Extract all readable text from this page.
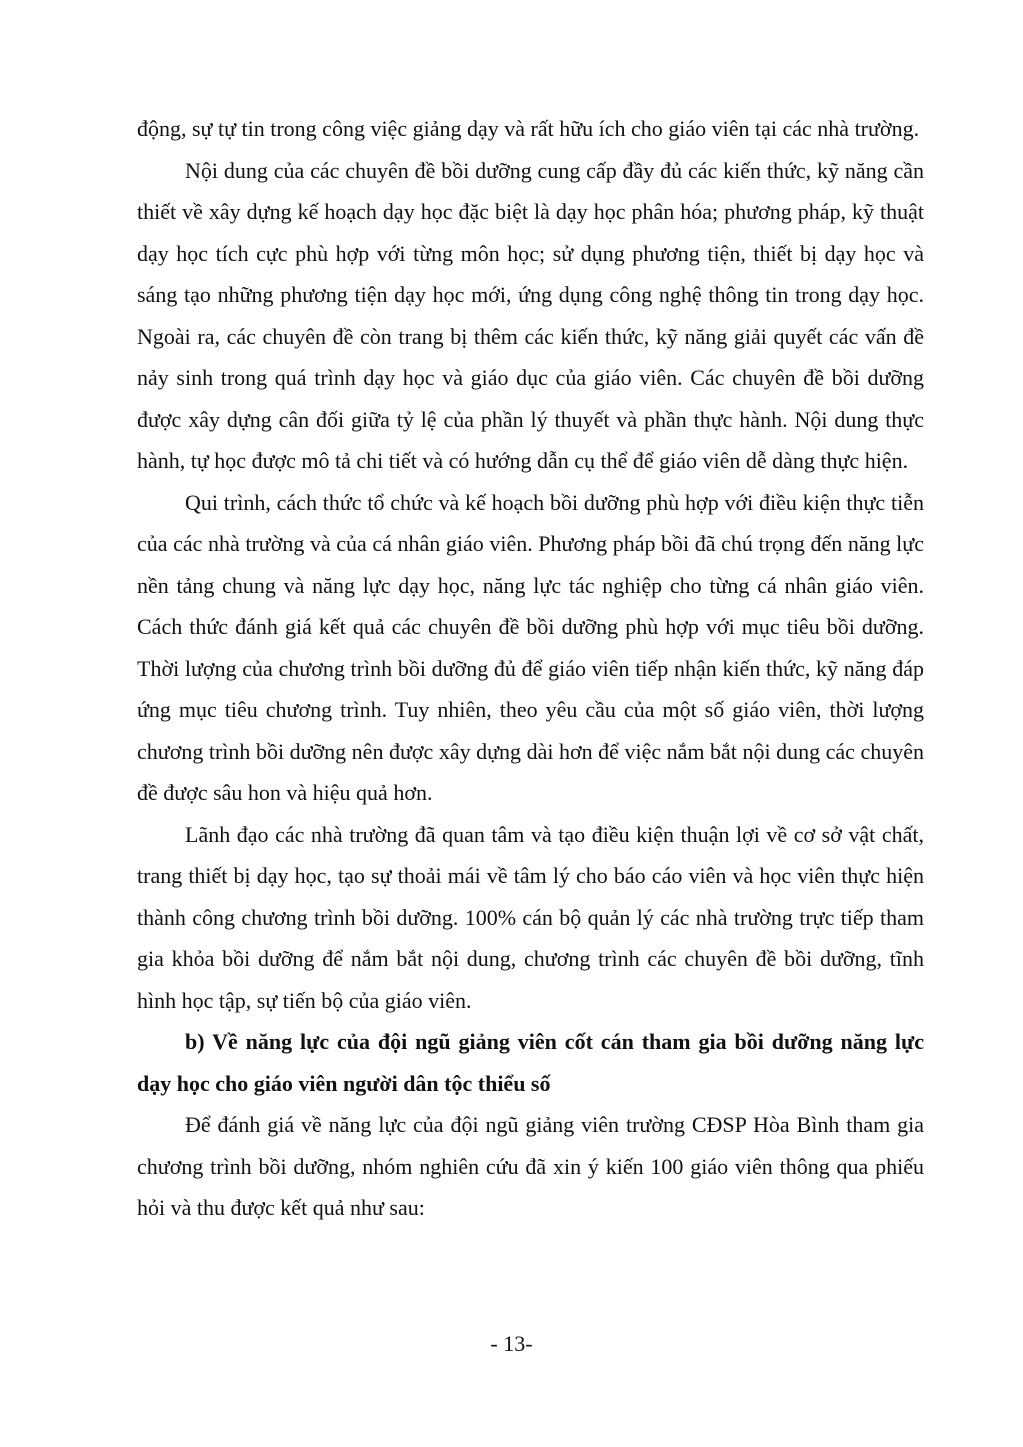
động, sự tự tin trong công việc giảng dạy và rất hữu ích cho giáo viên tại các nhà trường.

Nội dung của các chuyên đề bồi dưỡng cung cấp đầy đủ các kiến thức, kỹ năng cần thiết về xây dựng kế hoạch dạy học đặc biệt là dạy học phân hóa; phương pháp, kỹ thuật dạy học tích cực phù hợp với từng môn học; sử dụng phương tiện, thiết bị dạy học và sáng tạo những phương tiện dạy học mới, ứng dụng công nghệ thông tin trong dạy học. Ngoài ra, các chuyên đề còn trang bị thêm các kiến thức, kỹ năng giải quyết các vấn đề nảy sinh trong quá trình dạy học và giáo dục của giáo viên. Các chuyên đề bồi dưỡng được xây dựng cân đối giữa tỷ lệ của phần lý thuyết và phần thực hành. Nội dung thực hành, tự học được mô tả chi tiết và có hướng dẫn cụ thể để giáo viên dễ dàng thực hiện.

Qui trình, cách thức tổ chức và kế hoạch bồi dưỡng phù hợp với điều kiện thực tiễn của các nhà trường và của cá nhân giáo viên. Phương pháp bồi đã chú trọng đến năng lực nền tảng chung và năng lực dạy học, năng lực tác nghiệp cho từng cá nhân giáo viên. Cách thức đánh giá kết quả các chuyên đề bồi dưỡng phù hợp với mục tiêu bồi dưỡng. Thời lượng của chương trình bồi dưỡng đủ để giáo viên tiếp nhận kiến thức, kỹ năng đáp ứng mục tiêu chương trình. Tuy nhiên, theo yêu cầu của một số giáo viên, thời lượng chương trình bồi dưỡng nên được xây dựng dài hơn để việc nắm bắt nội dung các chuyên đề được sâu hon và hiệu quả hơn.

Lãnh đạo các nhà trường đã quan tâm và tạo điều kiện thuận lợi về cơ sở vật chất, trang thiết bị dạy học, tạo sự thoải mái về tâm lý cho báo cáo viên và học viên thực hiện thành công chương trình bồi dưỡng. 100% cán bộ quản lý các nhà trường trực tiếp tham gia khỏa bồi dưỡng để nắm bắt nội dung, chương trình các chuyên đề bồi dưỡng, tĩnh hình học tập, sự tiến bộ của giáo viên.

b) Về năng lực của đội ngũ giảng viên cốt cán tham gia bồi dưỡng năng lực dạy học cho giáo viên người dân tộc thiểu số

Để đánh giá về năng lực của đội ngũ giảng viên trường CĐSP Hòa Bình tham gia chương trình bồi dưỡng, nhóm nghiên cứu đã xin ý kiến 100 giáo viên thông qua phiếu hỏi và thu được kết quả như sau:

- 13-
